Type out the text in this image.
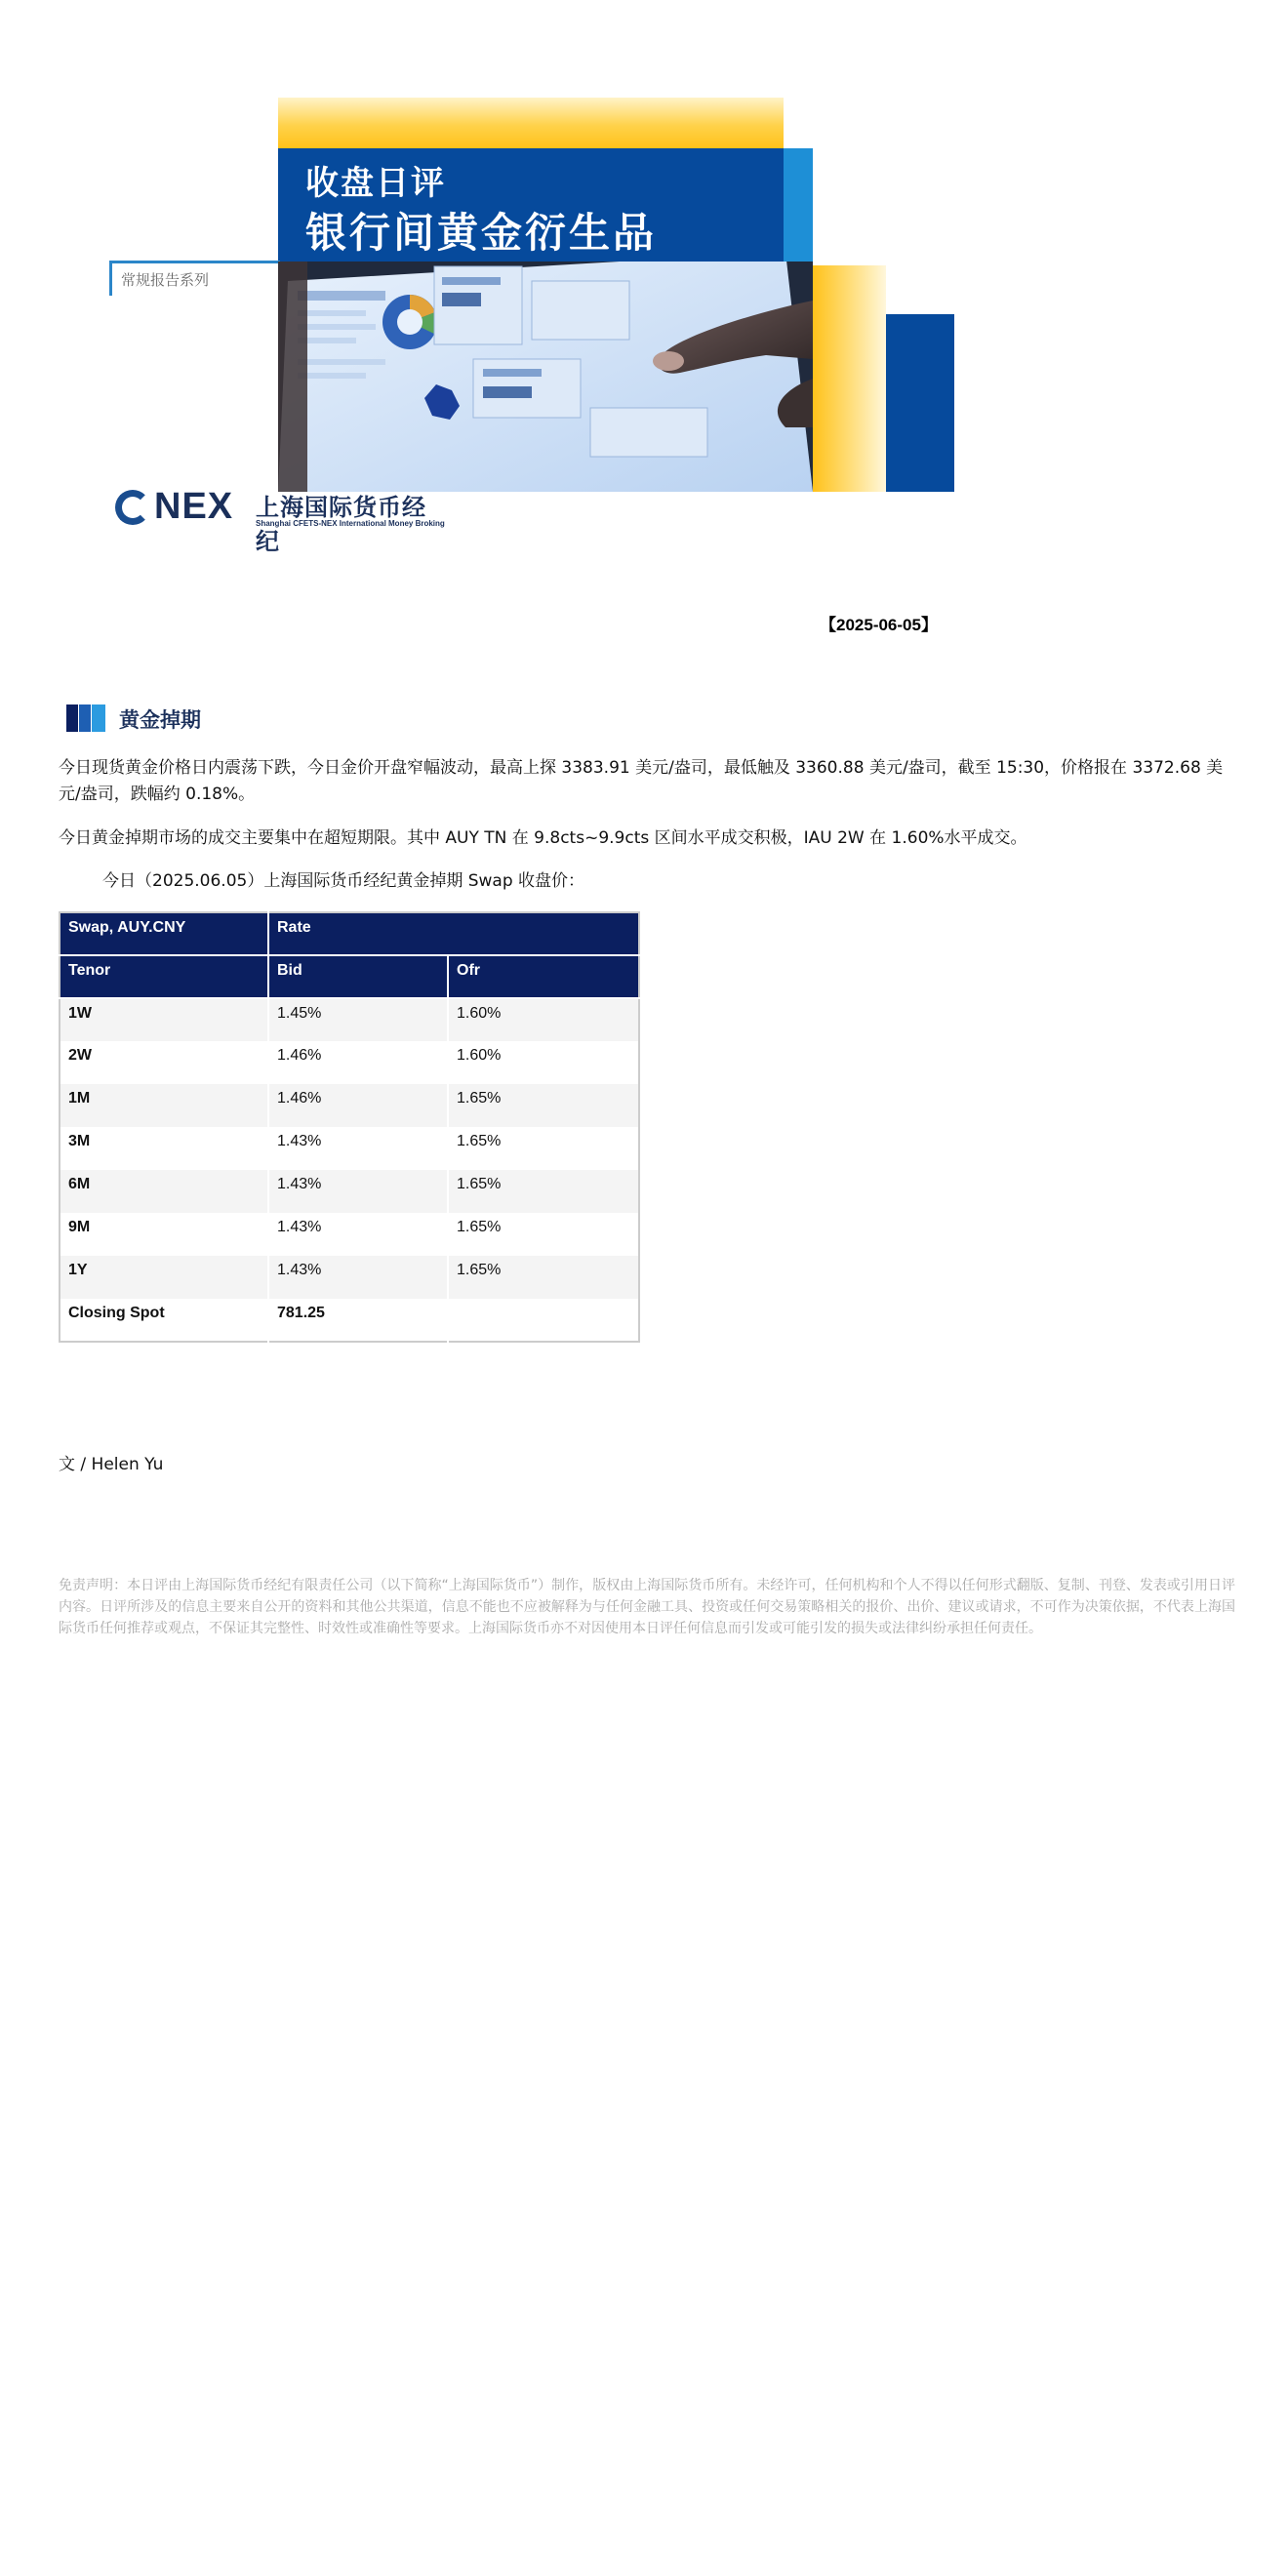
收盘日评
银行间黄金衍生品
常规报告系列
NEX 上海国际货币经纪
Shanghai CFETS-NEX International Money Broking
【2025-06-05】
黄金掉期
今日现货黄金价格日内震荡下跌，今日金价开盘窄幅波动，最高上探 3383.91 美元/盎司，最低触及 3360.88 美元/盎司，截至 15:30，价格报在 3372.68 美元/盎司，跌幅约 0.18%。
今日黄金掉期市场的成交主要集中在超短期限。其中 AUY TN 在 9.8cts~9.9cts 区间水平成交积极，IAU 2W 在 1.60%水平成交。
今日（2025.06.05）上海国际货币经纪黄金掉期 Swap 收盘价：
Swap, AUY.CNY	Rate	
Tenor	Bid	Ofr
1W	1.45%	1.60%
2W	1.46%	1.60%
1M	1.46%	1.65%
3M	1.43%	1.65%
6M	1.43%	1.65%
9M	1.43%	1.65%
1Y	1.43%	1.65%
Closing Spot	781.25	
文 / Helen Yu
免责声明：本日评由上海国际货币经纪有限责任公司（以下简称“上海国际货币”）制作，版权由上海国际货币所有。未经许可，任何机构和个人不得以任何形式翻版、复制、刊登、发表或引用日评内容。日评所涉及的信息主要来自公开的资料和其他公共渠道，信息不能也不应被解释为与任何金融工具、投资或任何交易策略相关的报价、出价、建议或请求，不可作为决策依据，不代表上海国际货币任何推荐或观点，不保证其完整性、时效性或准确性等要求。上海国际货币亦不对因使用本日评任何信息而引发或可能引发的损失或法律纠纷承担任何责任。
